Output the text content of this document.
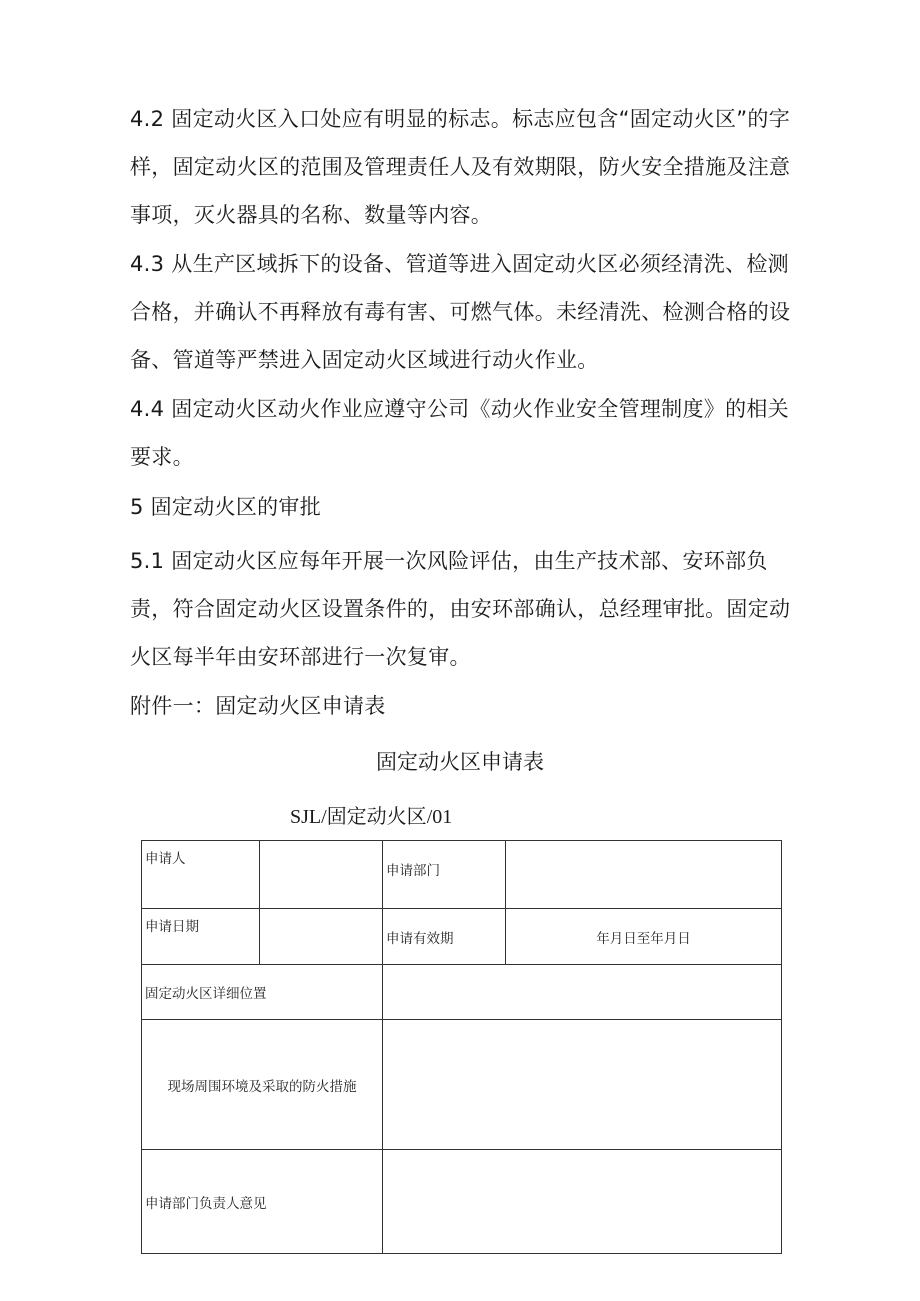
4.2 固定动火区入口处应有明显的标志。标志应包含“固定动火区”的字样，固定动火区的范围及管理责任人及有效期限，防火安全措施及注意事项，灭火器具的名称、数量等内容。

4.3 从生产区域拆下的设备、管道等进入固定动火区必须经清洗、检测合格，并确认不再释放有毒有害、可燃气体。未经清洗、检测合格的设备、管道等严禁进入固定动火区域进行动火作业。

4.4 固定动火区动火作业应遵守公司《动火作业安全管理制度》的相关要求。

5 固定动火区的审批

5.1 固定动火区应每年开展一次风险评估，由生产技术部、安环部负责，符合固定动火区设置条件的，由安环部确认，总经理审批。固定动火区每半年由安环部进行一次复审。

附件一：固定动火区申请表

固定动火区申请表
SJL/固定动火区/01
申请人		申请部门	
申请日期		申请有效期	年月日至年月日
固定动火区详细位置			
现场周围环境及采取的防火措施			
申请部门负责人意见			
